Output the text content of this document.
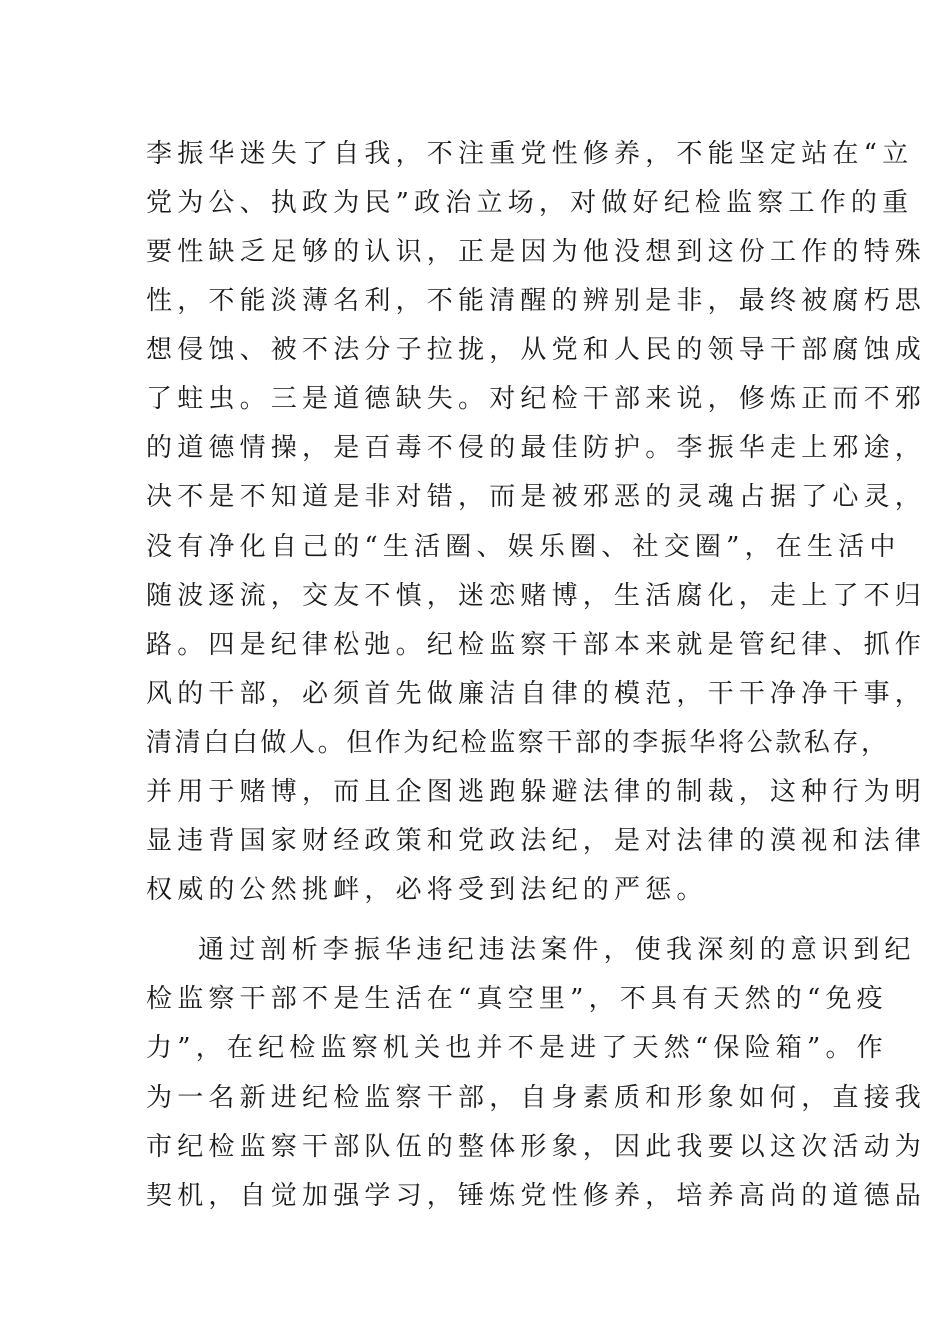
李振华迷失了自我，不注重党性修养，不能坚定站在“立
党为公、执政为民”政治立场，对做好纪检监察工作的重
要性缺乏足够的认识，正是因为他没想到这份工作的特殊
性，不能淡薄名利，不能清醒的辨别是非，最终被腐朽思
想侵蚀、被不法分子拉拢，从党和人民的领导干部腐蚀成
了蛀虫。三是道德缺失。对纪检干部来说，修炼正而不邪
的道德情操，是百毒不侵的最佳防护。李振华走上邪途，
决不是不知道是非对错，而是被邪恶的灵魂占据了心灵，
没有净化自己的“生活圈、娱乐圈、社交圈”，在生活中
随波逐流，交友不慎，迷恋赌博，生活腐化，走上了不归
路。四是纪律松弛。纪检监察干部本来就是管纪律、抓作
风的干部，必须首先做廉洁自律的模范，干干净净干事，
清清白白做人。但作为纪检监察干部的李振华将公款私存，
并用于赌博，而且企图逃跑躲避法律的制裁，这种行为明
显违背国家财经政策和党政法纪，是对法律的漠视和法律
权威的公然挑衅，必将受到法纪的严惩。
通过剖析李振华违纪违法案件，使我深刻的意识到纪
检监察干部不是生活在“真空里”，不具有天然的“免疫
力”，在纪检监察机关也并不是进了天然“保险箱”。作
为一名新进纪检监察干部，自身素质和形象如何，直接我
市纪检监察干部队伍的整体形象，因此我要以这次活动为
契机，自觉加强学习，锤炼党性修养，培养高尚的道德品
